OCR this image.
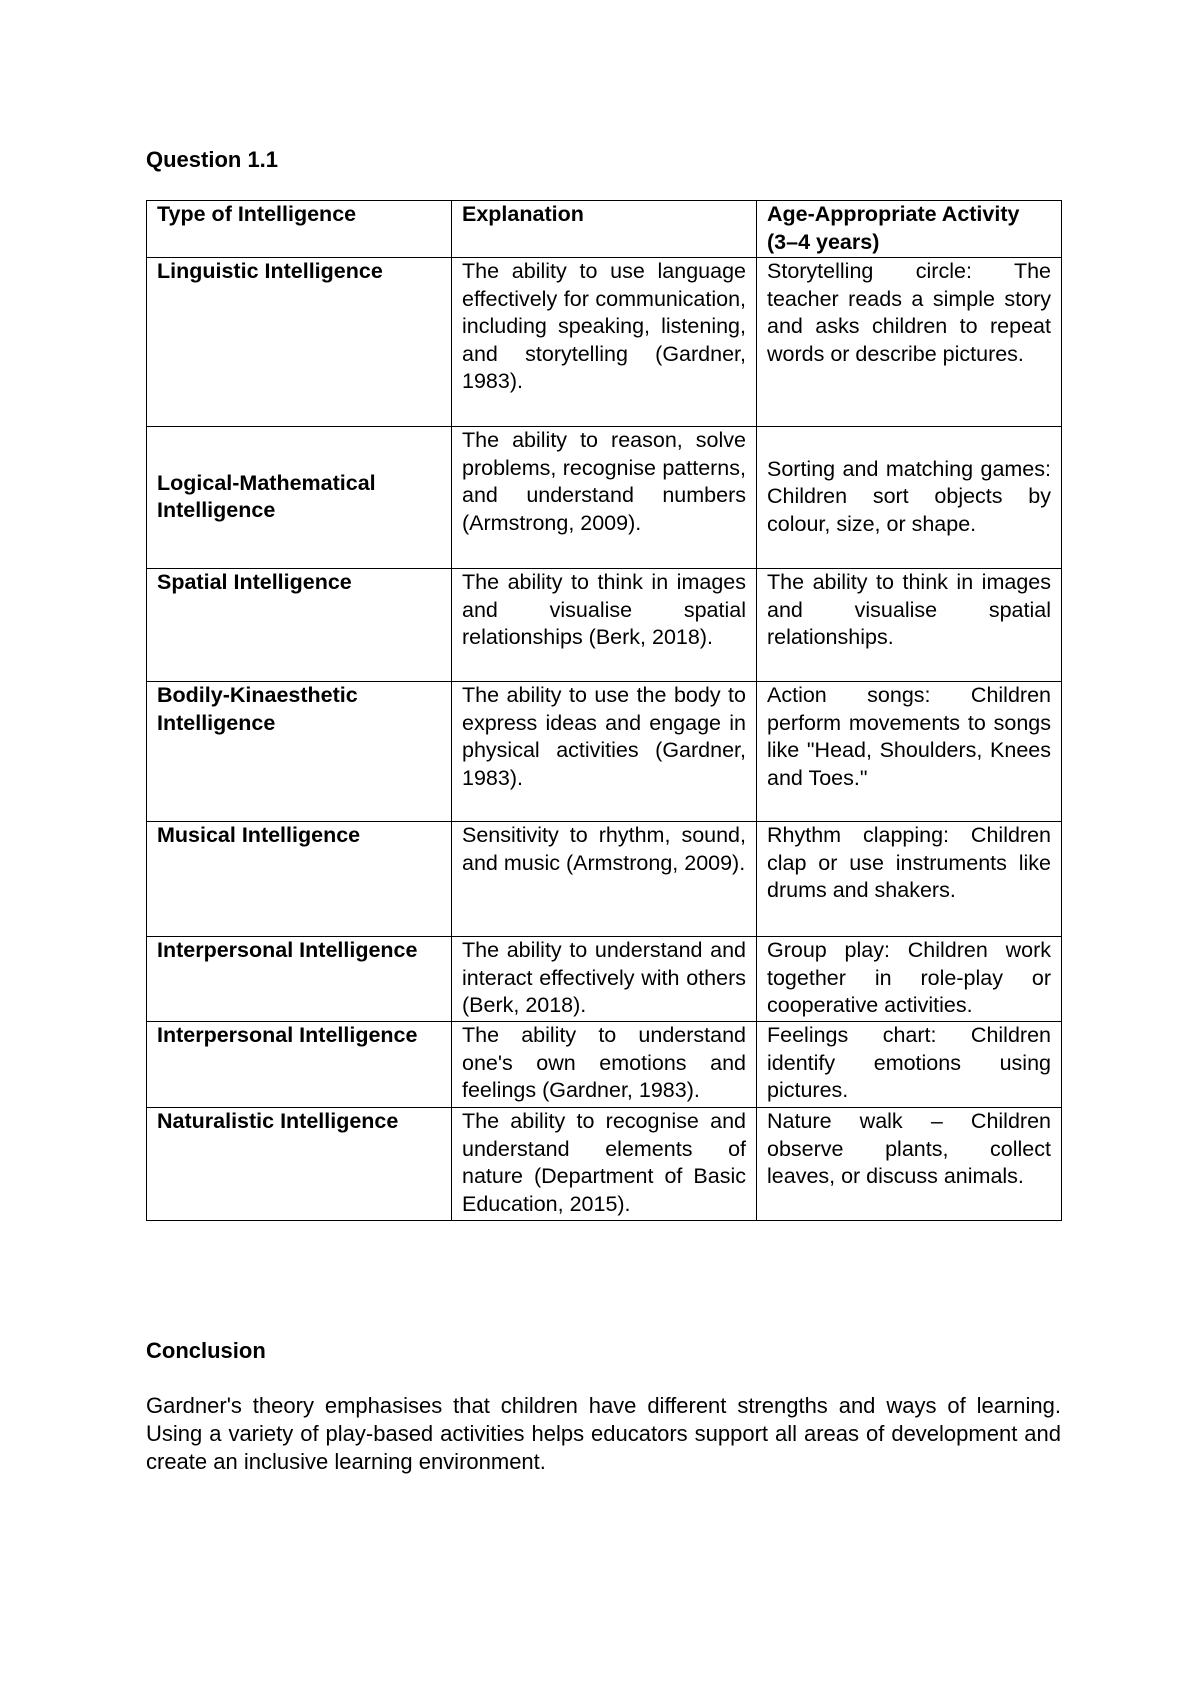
Question 1.1
Type of Intelligence	Explanation	Age-Appropriate Activity (3–4 years)
Linguistic Intelligence	The ability to use language effectively for communication, including speaking, listening, and storytelling (Gardner, 1983).	Storytelling circle: The teacher reads a simple story and asks children to repeat words or describe pictures.
Logical-Mathematical Intelligence	The ability to reason, solve problems, recognise patterns, and understand numbers (Armstrong, 2009).	Sorting and matching games: Children sort objects by colour, size, or shape.
Spatial Intelligence	The ability to think in images and visualise spatial relationships (Berk, 2018).	The ability to think in images and visualise spatial relationships.
Bodily-Kinaesthetic Intelligence	The ability to use the body to express ideas and engage in physical activities (Gardner, 1983).	Action songs: Children perform movements to songs like "Head, Shoulders, Knees and Toes."
Musical Intelligence	Sensitivity to rhythm, sound, and music (Armstrong, 2009).	Rhythm clapping: Children clap or use instruments like drums and shakers.
Interpersonal Intelligence	The ability to understand and interact effectively with others (Berk, 2018).	Group play: Children work together in role-play or cooperative activities.
Interpersonal Intelligence	The ability to understand one's own emotions and feelings (Gardner, 1983).	Feelings chart: Children identify emotions using pictures.
Naturalistic Intelligence	The ability to recognise and understand elements of nature (Department of Basic Education, 2015).	Nature walk – Children observe plants, collect leaves, or discuss animals.
Conclusion

Gardner's theory emphasises that children have different strengths and ways of learning. Using a variety of play-based activities helps educators support all areas of development and create an inclusive learning environment.
